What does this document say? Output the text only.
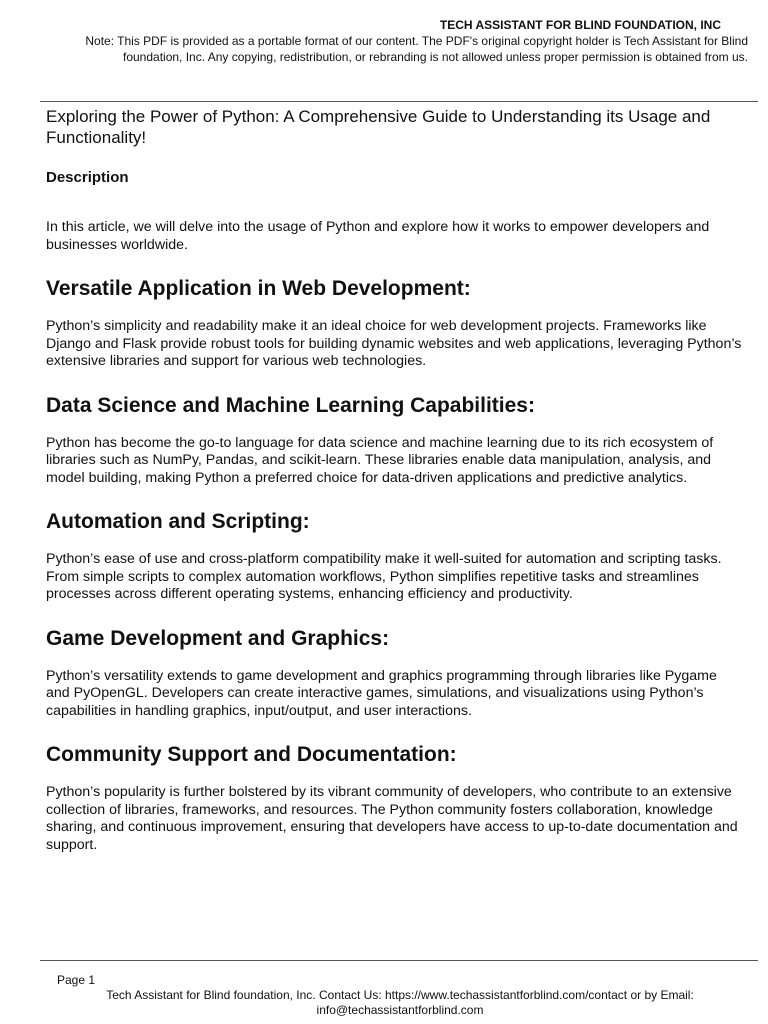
TECH ASSISTANT FOR BLIND FOUNDATION, INC

Note: This PDF is provided as a portable format of our content. The PDF's original copyright holder is Tech Assistant for Blind foundation, Inc. Any copying, redistribution, or rebranding is not allowed unless proper permission is obtained from us.

Exploring the Power of Python: A Comprehensive Guide to Understanding its Usage and Functionality!
Description

In this article, we will delve into the usage of Python and explore how it works to empower developers and businesses worldwide.

Versatile Application in Web Development:

Python’s simplicity and readability make it an ideal choice for web development projects. Frameworks like Django and Flask provide robust tools for building dynamic websites and web applications, leveraging Python’s extensive libraries and support for various web technologies.

Data Science and Machine Learning Capabilities:

Python has become the go-to language for data science and machine learning due to its rich ecosystem of libraries such as NumPy, Pandas, and scikit-learn. These libraries enable data manipulation, analysis, and model building, making Python a preferred choice for data-driven applications and predictive analytics.

Automation and Scripting:

Python’s ease of use and cross-platform compatibility make it well-suited for automation and scripting tasks. From simple scripts to complex automation workflows, Python simplifies repetitive tasks and streamlines processes across different operating systems, enhancing efficiency and productivity.

Game Development and Graphics:

Python’s versatility extends to game development and graphics programming through libraries like Pygame and PyOpenGL. Developers can create interactive games, simulations, and visualizations using Python’s capabilities in handling graphics, input/output, and user interactions.

Community Support and Documentation:

Python’s popularity is further bolstered by its vibrant community of developers, who contribute to an extensive collection of libraries, frameworks, and resources. The Python community fosters collaboration, knowledge sharing, and continuous improvement, ensuring that developers have access to up-to-date documentation and support.

Page 1

Tech Assistant for Blind foundation, Inc. Contact Us: https://www.techassistantforblind.com/contact or by Email: info@techassistantforblind.com
